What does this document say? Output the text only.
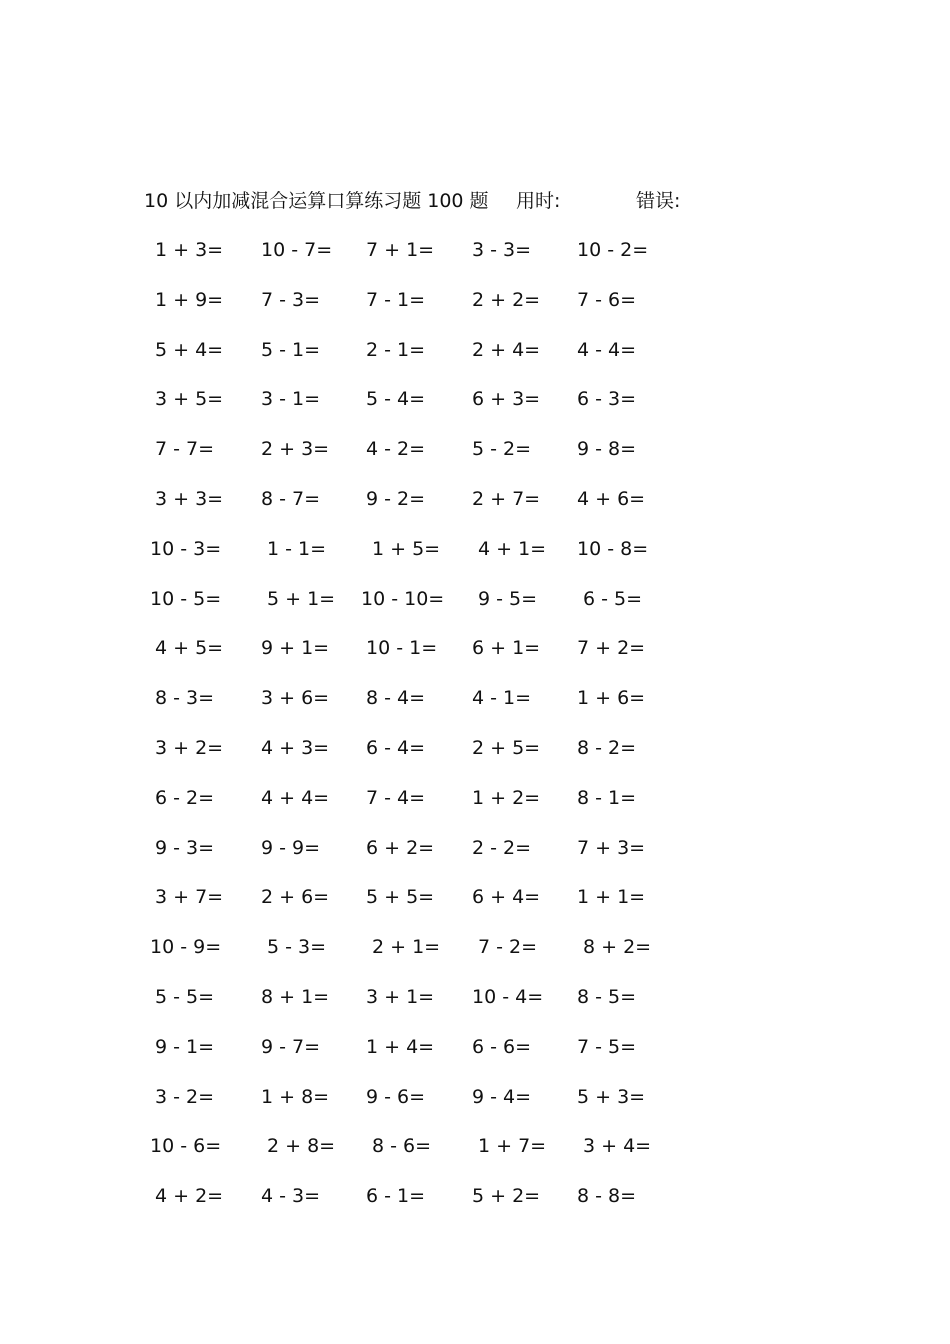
10 以内加减混合运算口算练习题 100 题 用时:	错误:
1 + 3= 10 - 7= 7 + 1= 3 - 3= 10 - 2=
1 + 9= 7 - 3= 7 - 1= 2 + 2= 7 - 6=
5 + 4= 5 - 1= 2 - 1= 2 + 4= 4 - 4=
3 + 5= 3 - 1= 5 - 4= 6 + 3= 6 - 3=
7 - 7= 2 + 3= 4 - 2= 5 - 2= 9 - 8=
3 + 3= 8 - 7= 9 - 2= 2 + 7= 4 + 6=
10 - 3= 1 - 1= 1 + 5= 4 + 1= 10 - 8=
10 - 5= 5 + 1= 10 - 10= 9 - 5= 6 - 5=
4 + 5= 9 + 1= 10 - 1= 6 + 1= 7 + 2=
8 - 3= 3 + 6= 8 - 4= 4 - 1= 1 + 6=
3 + 2= 4 + 3= 6 - 4= 2 + 5= 8 - 2=
6 - 2= 4 + 4= 7 - 4= 1 + 2= 8 - 1=
9 - 3= 9 - 9= 6 + 2= 2 - 2= 7 + 3=
3 + 7= 2 + 6= 5 + 5= 6 + 4= 1 + 1=
10 - 9= 5 - 3= 2 + 1= 7 - 2= 8 + 2=
5 - 5= 8 + 1= 3 + 1= 10 - 4= 8 - 5=
9 - 1= 9 - 7= 1 + 4= 6 - 6= 7 - 5=
3 - 2= 1 + 8= 9 - 6= 9 - 4= 5 + 3=
10 - 6= 2 + 8= 8 - 6= 1 + 7= 3 + 4=
4 + 2= 4 - 3= 6 - 1= 5 + 2= 8 - 8=
